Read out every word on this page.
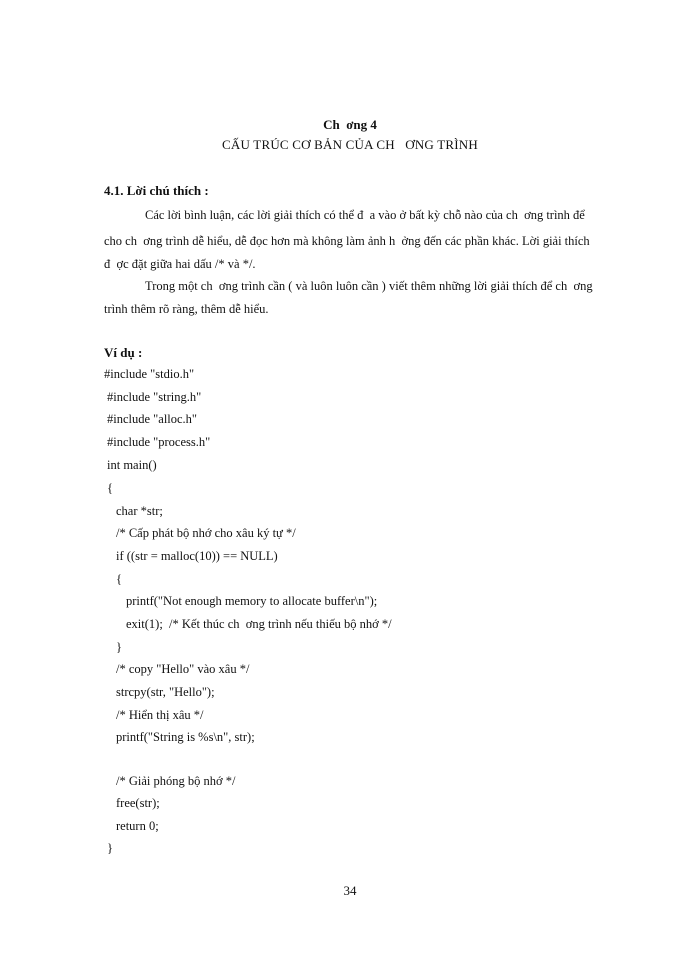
Ch  ơng 4
CẤU TRÚC CƠ BẢN CỦA CH   ƠNG TRÌNH
4.1. Lời chú thích :
Các lời bình luận, các lời giải thích có thể đ  a vào ở bất kỳ chỗ nào của ch  ơng trình để
cho ch  ơng trình dễ hiểu, dễ đọc hơn mà không làm ảnh h  ởng đến các phần khác. Lời giải thích
đ  ợc đặt giữa hai dấu /* và */.
Trong một ch  ơng trình cần ( và luôn luôn cần ) viết thêm những lời giải thích để ch  ơng
trình thêm rõ ràng, thêm dễ hiểu.
Ví dụ :
#include "stdio.h"
#include "string.h"
#include "alloc.h"
#include "process.h"
int main()
{
char *str;
/* Cấp phát bộ nhớ cho xâu ký tự */
if ((str = malloc(10)) == NULL)
{
printf("Not enough memory to allocate buffer\n");
exit(1);  /* Kết thúc ch  ơng trình nếu thiếu bộ nhớ */
}
/* copy "Hello" vào xâu */
strcpy(str, "Hello");
/* Hiển thị xâu */
printf("String is %s\n", str);
/* Giải phóng bộ nhớ */
free(str);
return 0;
}
34
